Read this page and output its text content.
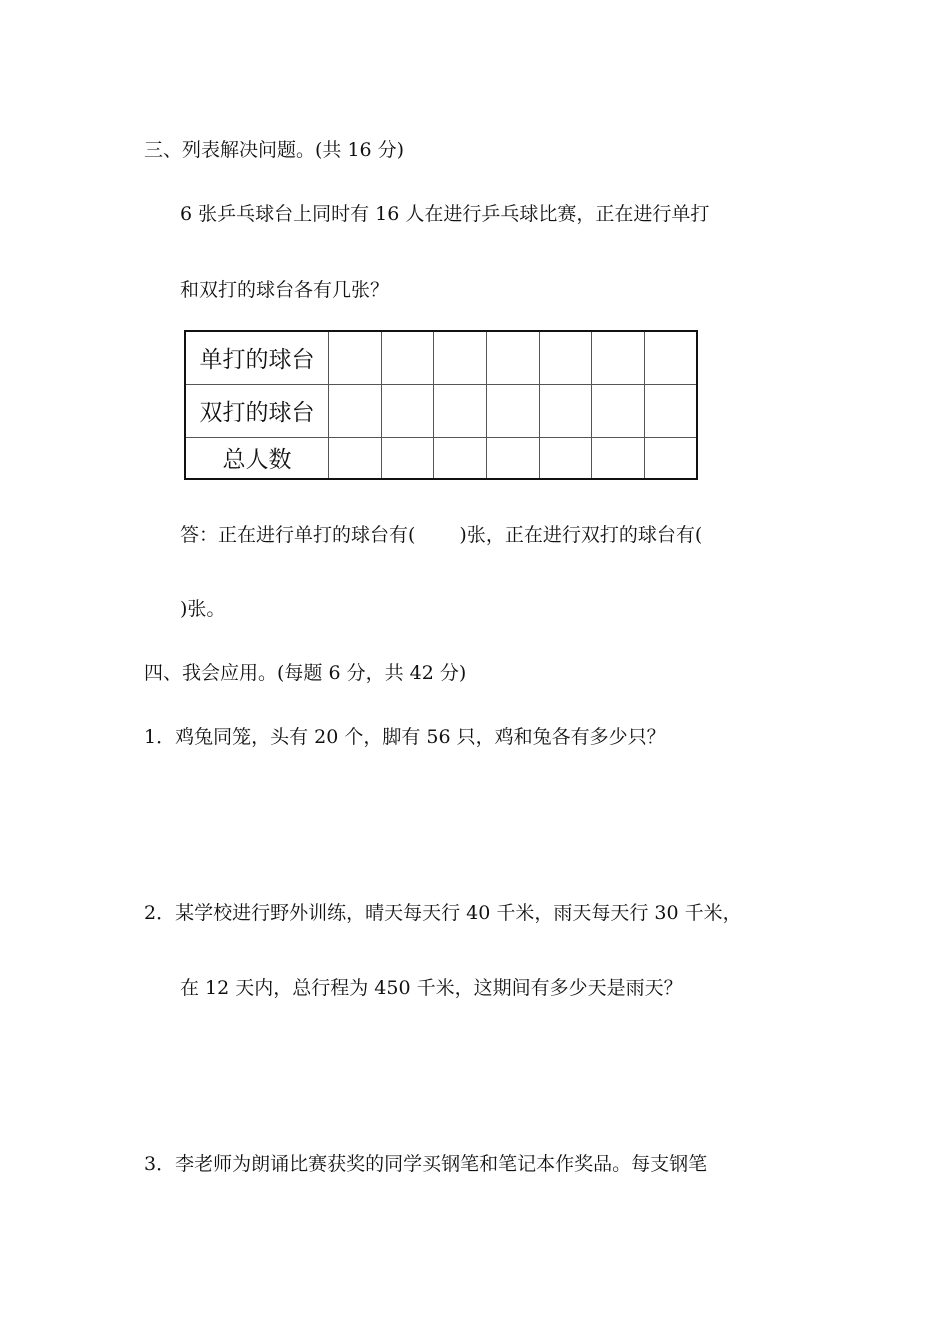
三、列表解决问题。(共 16 分)
6 张乒乓球台上同时有 16 人在进行乒乓球比赛，正在进行单打
和双打的球台各有几张？
单打的球台							
双打的球台							
总人数							
答：正在进行单打的球台有( )张，正在进行双打的球台有(
)张。
四、我会应用。(每题 6 分，共 42 分)
1．鸡兔同笼，头有 20 个，脚有 56 只，鸡和兔各有多少只？
2．某学校进行野外训练，晴天每天行 40 千米，雨天每天行 30 千米，
在 12 天内，总行程为 450 千米，这期间有多少天是雨天？
3．李老师为朗诵比赛获奖的同学买钢笔和笔记本作奖品。每支钢笔
